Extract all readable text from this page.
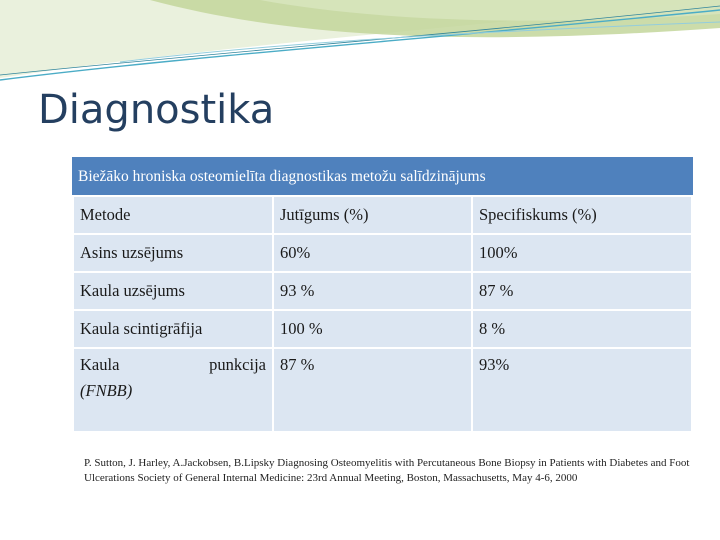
Diagnostika
Biežāko hroniska osteomielīta diagnostikas metožu salīdzinājums
Metode	Jutīgums (%)	Specifiskums (%)
Asins uzsējums	60%	100%
Kaula uzsējums	93 %	87 %
Kaula scintigrāfija	100 %	8 %

Kaula punkcija
(FNBB)	87 %	93%
P. Sutton, J. Harley, A.Jackobsen, B.Lipsky Diagnosing Osteomyelitis with Percutaneous Bone Biopsy in Patients with Diabetes and Foot Ulcerations Society of General Internal Medicine: 23rd Annual Meeting, Boston, Massachusetts, May 4-6, 2000
